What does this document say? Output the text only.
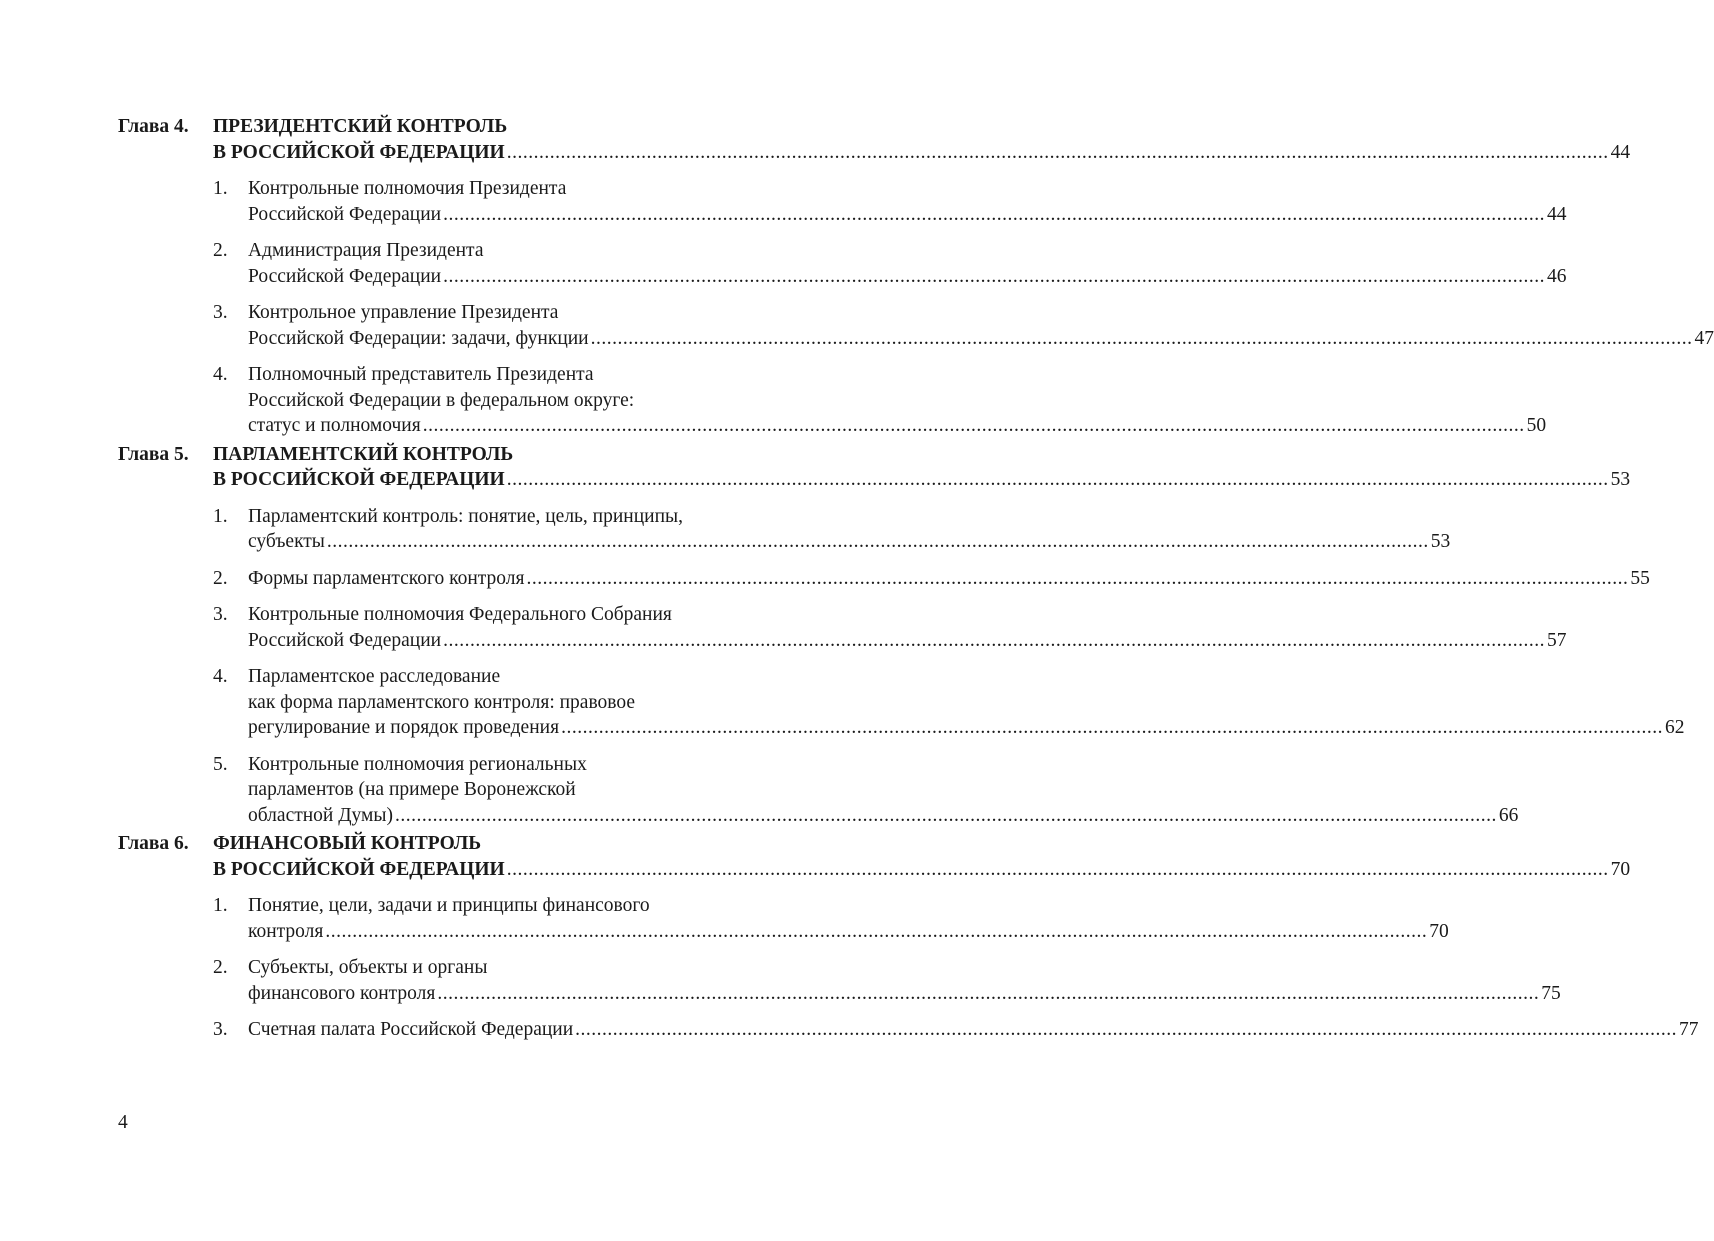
Глава 4.	ПРЕЗИДЕНТСКИЙ КОНТРОЛЬ
В РОССИЙСКОЙ ФЕДЕРАЦИИ .....	44
1.	Контрольные полномочия Президента
Российской Федерации .....	44
2.	Администрация Президента
Российской Федерации .....	46
3.	Контрольное управление Президента
Российской Федерации: задачи, функции .....	47
4.	Полномочный представитель Президента
Российской Федерации в федеральном округе:
статус и полномочия .....	50
Глава 5.	ПАРЛАМЕНТСКИЙ КОНТРОЛЬ
В РОССИЙСКОЙ ФЕДЕРАЦИИ .....	53
1.	Парламентский контроль: понятие, цель, принципы,
субъекты .....	53
2.	Формы парламентского контроля .....	55
3.	Контрольные полномочия Федерального Собрания
Российской Федерации .....	57
4.	Парламентское расследование
как форма парламентского контроля: правовое
регулирование и порядок проведения .....	62
5.	Контрольные полномочия региональных
парламентов (на примере Воронежской
областной Думы) .....	66
Глава 6.	ФИНАНСОВЫЙ КОНТРОЛЬ
В РОССИЙСКОЙ ФЕДЕРАЦИИ .....	70
1.	Понятие, цели, задачи и принципы финансового
контроля .....	70
2.	Субъекты, объекты и органы
финансового контроля .....	75
3.	Счетная палата Российской Федерации .....	77
4
